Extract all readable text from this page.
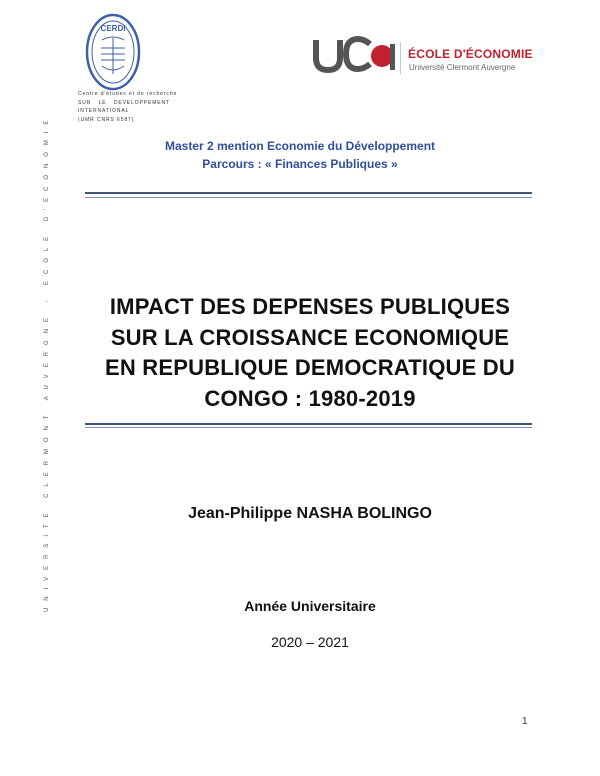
CERDI
Centre d'études et de recherche
SUR LE DEVELOPPEMENT
INTERNATIONAL
(UMR CNRS 6587)
ÉCOLE D'ÉCONOMIE
Université Clermont Auvergne
UNIVERSITE CLERMONT AUVERGNE - ECOLE D'ECONOMIE	Master 2 mention Economie du Développement
Parcours : « Finances Publiques »
IMPACT DES DEPENSES PUBLIQUES
SUR LA CROISSANCE ECONOMIQUE
EN REPUBLIQUE DEMOCRATIQUE DU
CONGO : 1980-2019
Jean-Philippe NASHA BOLINGO
Année Universitaire
2020 – 2021
1
